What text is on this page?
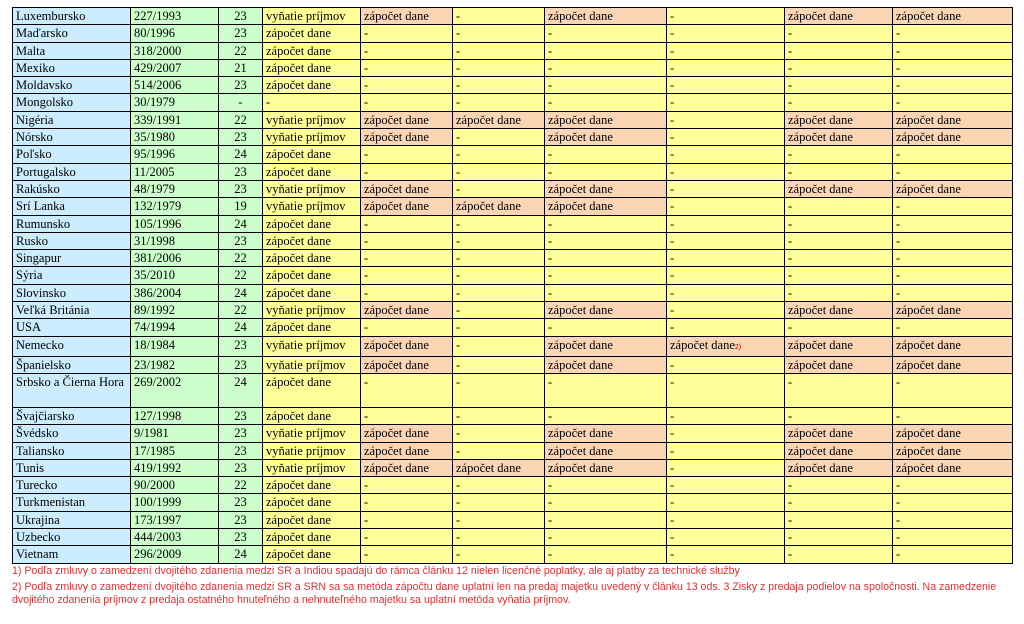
Luxembursko	227/1993	23	vyňatie príjmov	zápočet dane	-	zápočet dane	-	zápočet dane	zápočet dane
Maďarsko	80/1996	23	zápočet dane	-	-	-	-	-	-
Malta	318/2000	22	zápočet dane	-	-	-	-	-	-
Mexiko	429/2007	21	zápočet dane	-	-	-	-	-	-
Moldavsko	514/2006	23	zápočet dane	-	-	-	-	-	-
Mongolsko	30/1979	-	-	-	-	-	-	-	-
Nigéria	339/1991	22	vyňatie príjmov	zápočet dane	zápočet dane	zápočet dane	-	zápočet dane	zápočet dane
Nórsko	35/1980	23	vyňatie príjmov	zápočet dane	-	zápočet dane	-	zápočet dane	zápočet dane
Poľsko	95/1996	24	zápočet dane	-	-	-	-	-	-
Portugalsko	11/2005	23	zápočet dane	-	-	-	-	-	-
Rakúsko	48/1979	23	vyňatie príjmov	zápočet dane	-	zápočet dane	-	zápočet dane	zápočet dane
Srí Lanka	132/1979	19	vyňatie príjmov	zápočet dane	zápočet dane	zápočet dane	-	-	-
Rumunsko	105/1996	24	zápočet dane	-	-	-	-	-	-
Rusko	31/1998	23	zápočet dane	-	-	-	-	-	-
Singapur	381/2006	22	zápočet dane	-	-	-	-	-	-
Sýria	35/2010	22	zápočet dane	-	-	-	-	-	-
Slovinsko	386/2004	24	zápočet dane	-	-	-	-	-	-
Veľká Británia	89/1992	22	vyňatie príjmov	zápočet dane	-	zápočet dane	-	zápočet dane	zápočet dane
USA	74/1994	24	zápočet dane	-	-	-	-	-	-
Nemecko	18/1984	23	vyňatie príjmov	zápočet dane	-	zápočet dane	zápočet dane2)	zápočet dane	zápočet dane
Španielsko	23/1982	23	vyňatie príjmov	zápočet dane	-	zápočet dane	-	zápočet dane	zápočet dane
Srbsko a Čierna Hora	269/2002	24	zápočet dane	-	-	-	-	-	-
Švajčiarsko	127/1998	23	zápočet dane	-	-	-	-	-	-
Švédsko	9/1981	23	vyňatie príjmov	zápočet dane	-	zápočet dane	-	zápočet dane	zápočet dane
Taliansko	17/1985	23	vyňatie príjmov	zápočet dane	-	zápočet dane	-	zápočet dane	zápočet dane
Tunis	419/1992	23	vyňatie príjmov	zápočet dane	zápočet dane	zápočet dane	-	zápočet dane	zápočet dane
Turecko	90/2000	22	zápočet dane	-	-	-	-	-	-
Turkmenistan	100/1999	23	zápočet dane	-	-	-	-	-	-
Ukrajina	173/1997	23	zápočet dane	-	-	-	-	-	-
Uzbecko	444/2003	23	zápočet dane	-	-	-	-	-	-
Vietnam	296/2009	24	zápočet dane	-	-	-	-	-	-

1) Podľa zmluvy o zamedzení dvojitého zdanenia medzi SR a Indiou spadajú do rámca článku 12 nielen licenčné poplatky, ale aj platby za technické služby

2) Podľa zmluvy o zamedzení dvojitého zdanenia medzi SR a SRN sa sa metóda zápočtu dane uplatní len na predaj majetku uvedený v článku 13 ods. 3 Zisky z predaja podielov na spoločnosti. Na zamedzenie dvojitého zdanenia príjmov z predaja ostatného hnuteľného a nehnuteľného majetku sa uplatní metóda vyňatia príjmov.
